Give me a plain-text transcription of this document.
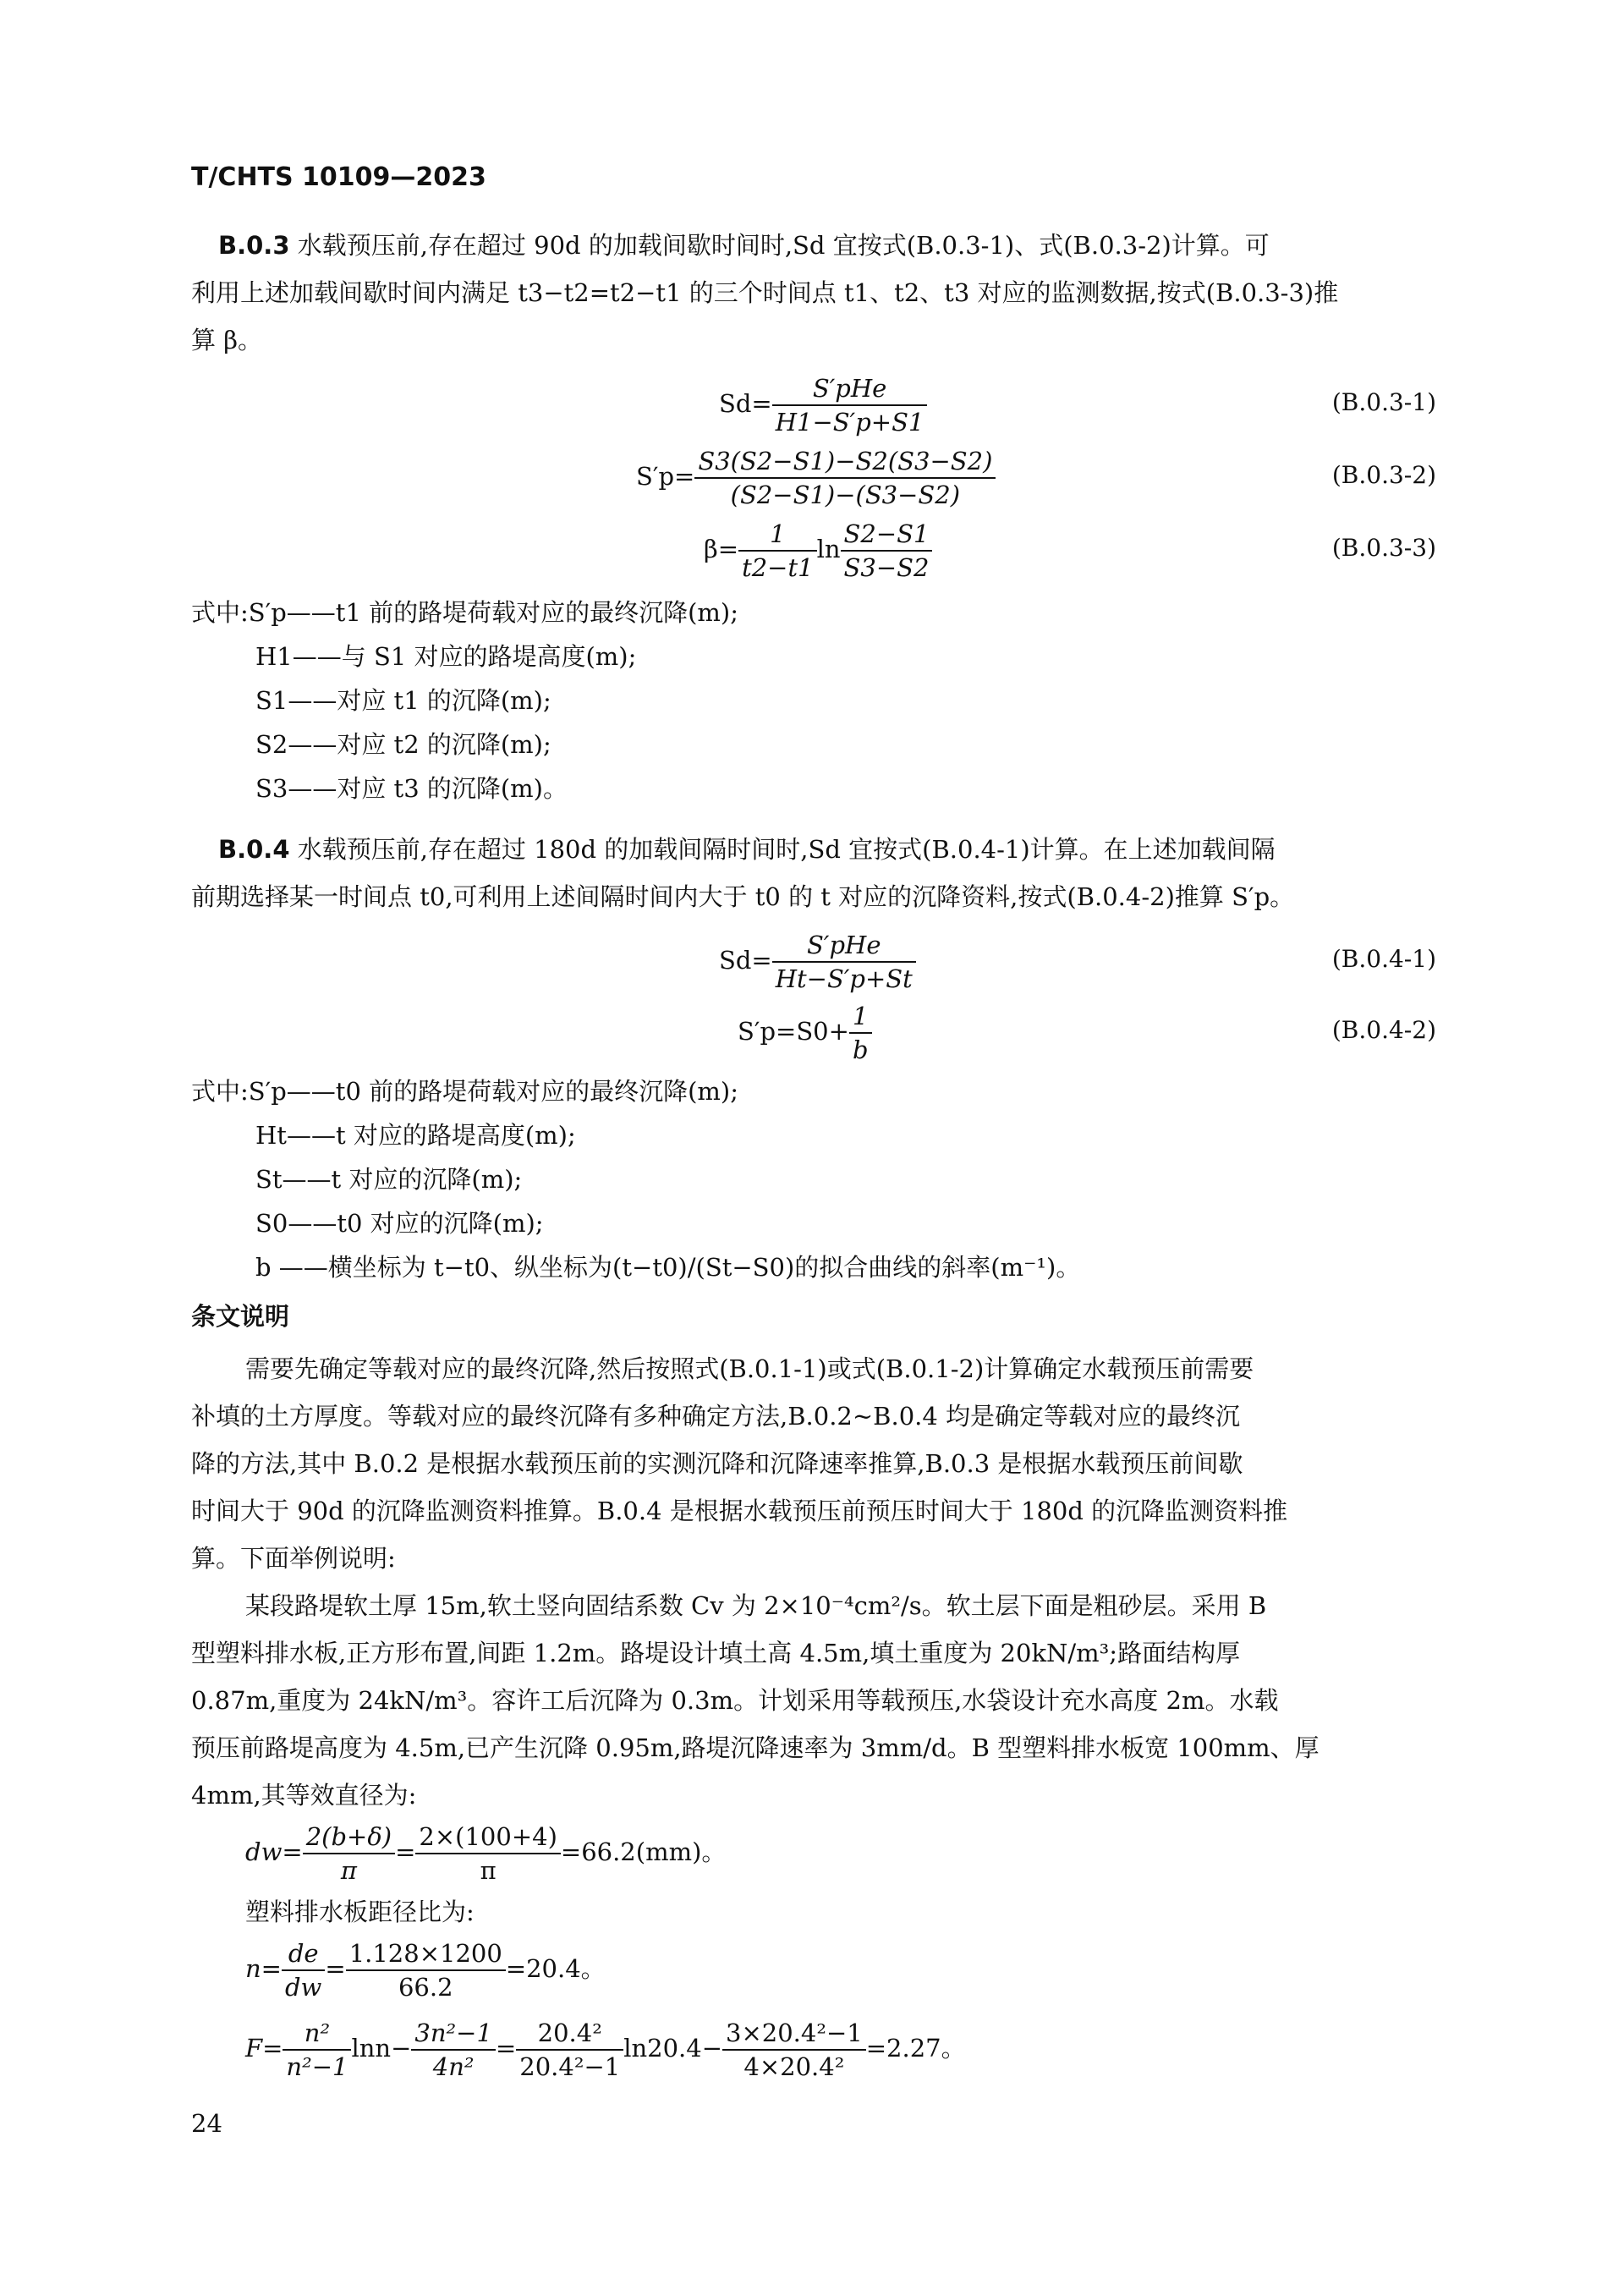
T/CHTS 10109—2023
B.0.3 水载预压前,存在超过 90d 的加载间歇时间时,Sd 宜按式(B.0.3-1)、式(B.0.3-2)计算。可
利用上述加载间歇时间内满足 t3−t2=t2−t1 的三个时间点 t1、t2、t3 对应的监测数据,按式(B.0.3-3)推
算 β。
$Sd= \frac{\text{S′pHe}}{H1-S'p+S1}$	(B.0.3-1)
$S'p= \frac{S3(S2-S1)-S2(S3-S2)}{(S2-S1)-(S3-S2)}$	(B.0.3-2)
$\beta= \frac{1}{t2-t1}$ $\ln \frac{S2-S1}{S3-S2}$	(B.0.3-3)
式中:S′p——t1 前的路堤荷载对应的最终沉降(m);
H1——与 S1 对应的路堤高度(m);
S1——对应 t1 的沉降(m);
S2——对应 t2 的沉降(m);
S3——对应 t3 的沉降(m)。
B.0.4 水载预压前,存在超过 180d 的加载间隔时间时,Sd 宜按式(B.0.4-1)计算。在上述加载间隔
前期选择某一时间点 t0,可利用上述间隔时间内大于 t0 的 t 对应的沉降资料,按式(B.0.4-2)推算 S′p。
$Sd= \frac{\text{S′pHe}}{Ht-S'p+St}$	(B.0.4-1)
$S'p=S0+ \frac{1}{b}$	(B.0.4-2)
式中:S′p——t0 前的路堤荷载对应的最终沉降(m);
Ht——t 对应的路堤高度(m);
St——t 对应的沉降(m);
S0——t0 对应的沉降(m);
b ——横坐标为 t−t0、纵坐标为(t−t0)/(St−S0)的拟合曲线的斜率(m⁻¹)。
条文说明
需要先确定等载对应的最终沉降,然后按照式(B.0.1-1)或式(B.0.1-2)计算确定水载预压前需要
补填的土方厚度。等载对应的最终沉降有多种确定方法,B.0.2~B.0.4 均是确定等载对应的最终沉
降的方法,其中 B.0.2 是根据水载预压前的实测沉降和沉降速率推算,B.0.3 是根据水载预压前间歇
时间大于 90d 的沉降监测资料推算。B.0.4 是根据水载预压前预压时间大于 180d 的沉降监测资料推
算。下面举例说明:
某段路堤软土厚 15m,软土竖向固结系数 Cv 为 2×10⁻⁴cm²/s。软土层下面是粗砂层。采用 B
型塑料排水板,正方形布置,间距 1.2m。路堤设计填土高 4.5m,填土重度为 20kN/m³;路面结构厚
0.87m,重度为 24kN/m³。容许工后沉降为 0.3m。计划采用等载预压,水袋设计充水高度 2m。水载
预压前路堤高度为 4.5m,已产生沉降 0.95m,路堤沉降速率为 3mm/d。B 型塑料排水板宽 100mm、厚
4mm,其等效直径为:
$dw= \frac{2(b+\delta)}{\pi} = \frac{2\times(100+4)}{\pi} =66.2(mm)$。
塑料排水板距径比为:
$n= \frac{de}{dw} = \frac{1.128\times 1200}{66.2} =20.4$。
$F= \frac{\text{n²}}{\text{n²−1}} \ln n- \frac{\text{3n²−1}}{\text{4n²}} = \frac{\text{20.4²}}{\text{20.4²−1}} \ln 20.4- \frac{\text{3×20.4²−1}}{\text{4×20.4²}} =2.27$。
24
